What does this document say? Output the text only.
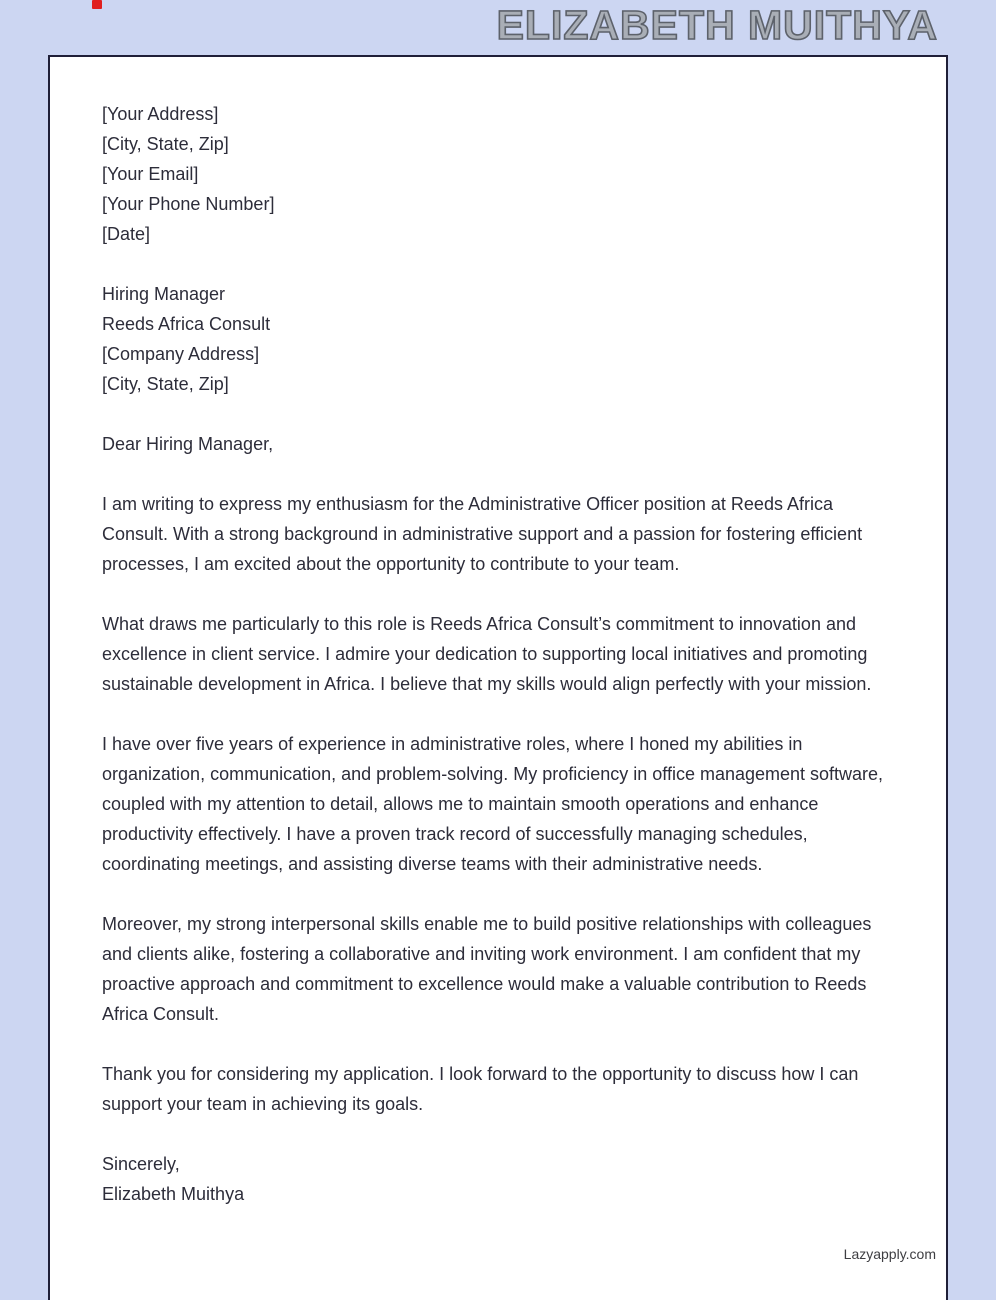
ELIZABETH MUITHYA
[Your Address]
[City, State, Zip]
[Your Email]
[Your Phone Number]
[Date]
Hiring Manager
Reeds Africa Consult
[Company Address]
[City, State, Zip]

Dear Hiring Manager,

I am writing to express my enthusiasm for the Administrative Officer position at Reeds Africa Consult. With a strong background in administrative support and a passion for fostering efficient processes, I am excited about the opportunity to contribute to your team.

What draws me particularly to this role is Reeds Africa Consult’s commitment to innovation and excellence in client service. I admire your dedication to supporting local initiatives and promoting sustainable development in Africa. I believe that my skills would align perfectly with your mission.

I have over five years of experience in administrative roles, where I honed my abilities in organization, communication, and problem-solving. My proficiency in office management software, coupled with my attention to detail, allows me to maintain smooth operations and enhance productivity effectively. I have a proven track record of successfully managing schedules, coordinating meetings, and assisting diverse teams with their administrative needs.

Moreover, my strong interpersonal skills enable me to build positive relationships with colleagues and clients alike, fostering a collaborative and inviting work environment. I am confident that my proactive approach and commitment to excellence would make a valuable contribution to Reeds Africa Consult.

Thank you for considering my application. I look forward to the opportunity to discuss how I can support your team in achieving its goals.

Sincerely,
Elizabeth Muithya
Lazyapply.com
